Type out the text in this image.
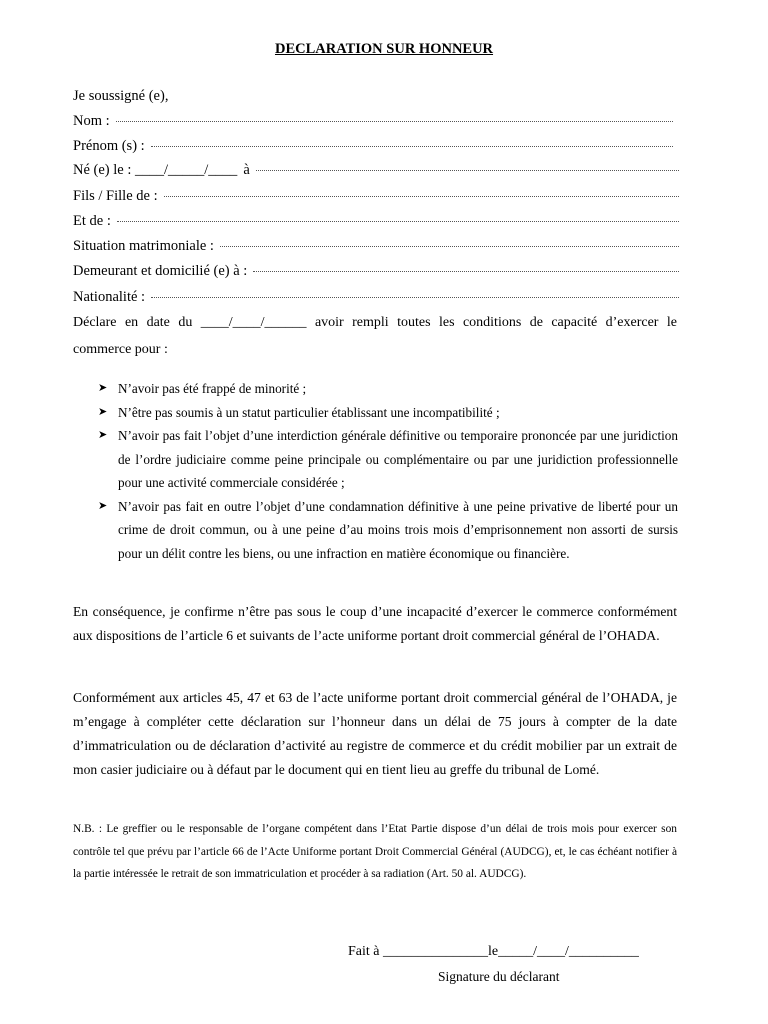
DECLARATION SUR HONNEUR
Je soussigné (e),
Nom :
Prénom (s) :
Né (e) le : ____/_____/____ à
Fils / Fille de :
Et de :
Situation matrimoniale :
Demeurant et domicilié (e) à :
Nationalité :
Déclare en date du ____/____/______ avoir rempli toutes les conditions de capacité d’exercer le
commerce pour :
➤ N’avoir pas été frappé de minorité ;
➤ N’être pas soumis à un statut particulier établissant une incompatibilité ;
➤ N’avoir pas fait l’objet d’une interdiction générale définitive ou temporaire prononcée par une juridiction de l’ordre judiciaire comme peine principale ou complémentaire ou par une juridiction professionnelle pour une activité commerciale considérée ;
➤ N’avoir pas fait en outre l’objet d’une condamnation définitive à une peine privative de liberté pour un crime de droit commun, ou à une peine d’au moins trois mois d’emprisonnement non assorti de sursis pour un délit contre les biens, ou une infraction en matière économique ou financière.
En conséquence, je confirme n’être pas sous le coup d’une incapacité d’exercer le commerce conformément aux dispositions de l’article 6 et suivants de l’acte uniforme portant droit commercial général de l’OHADA.
Conformément aux articles 45, 47 et 63 de l’acte uniforme portant droit commercial général de l’OHADA, je m’engage à compléter cette déclaration sur l’honneur dans un délai de 75 jours à compter de la date d’immatriculation ou de déclaration d’activité au registre de commerce et du crédit mobilier par un extrait de mon casier judiciaire ou à défaut par le document qui en tient lieu au greffe du tribunal de Lomé.
N.B. : Le greffier ou le responsable de l’organe compétent dans l’Etat Partie dispose d’un délai de trois mois pour exercer son contrôle tel que prévu par l’article 66 de l’Acte Uniforme portant Droit Commercial Général (AUDCG), et, le cas échéant notifier à la partie intéressée le retrait de son immatriculation et procéder à sa radiation (Art. 50 al. AUDCG).
Fait à _______________le_____/____/__________
Signature du déclarant
